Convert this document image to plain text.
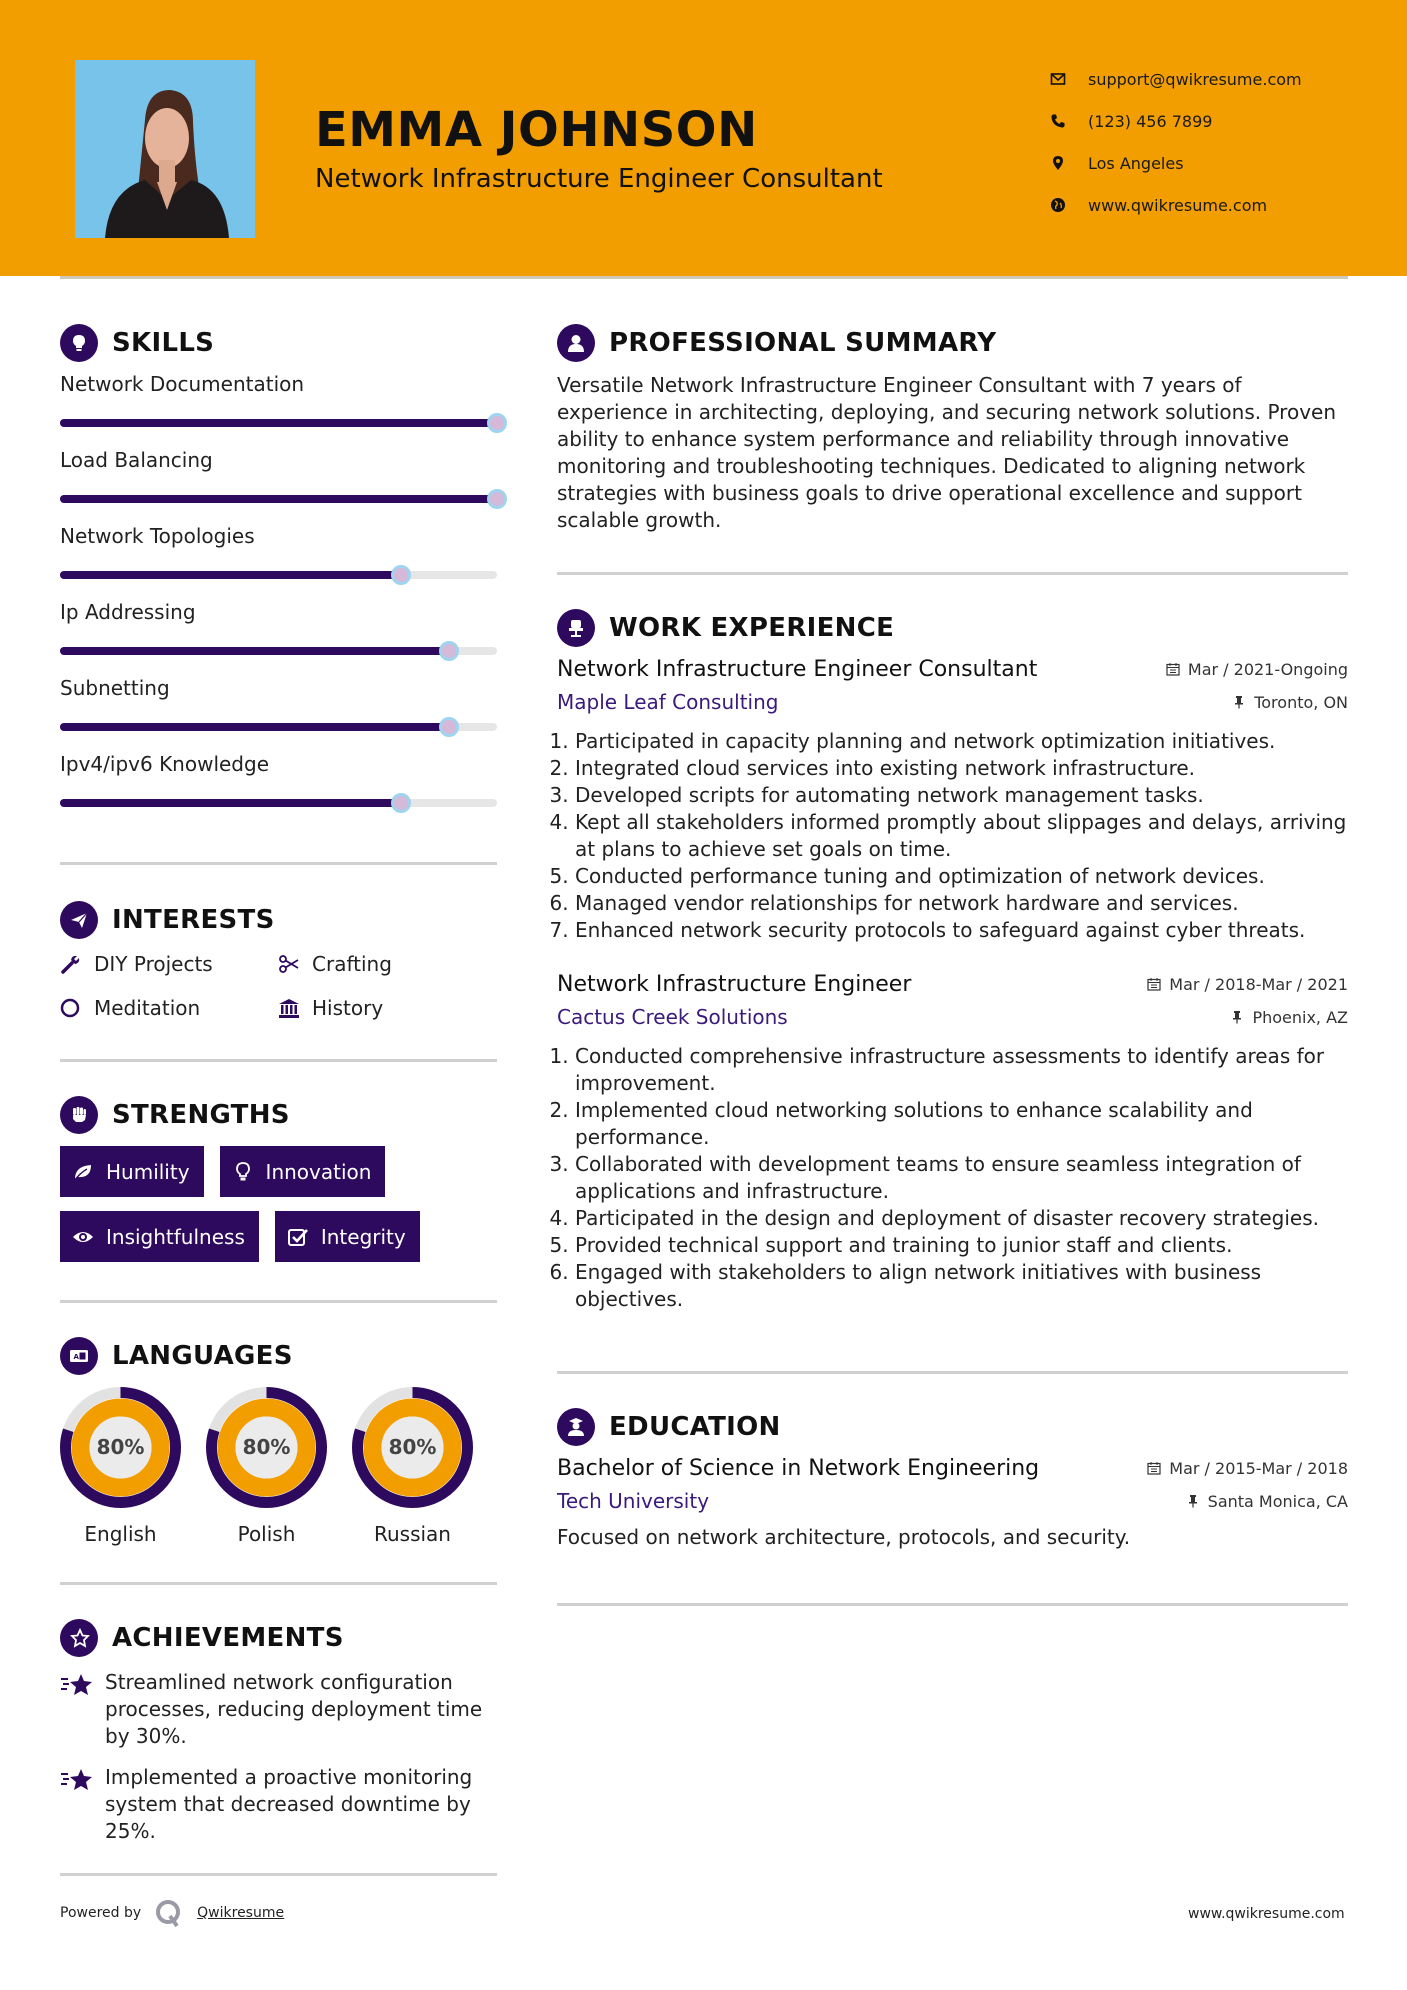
EMMA JOHNSON
Network Infrastructure Engineer Consultant
support@qwikresume.com
(123) 456 7899
Los Angeles
www.qwikresume.com
SKILLS
Network Documentation
Load Balancing
Network Topologies
Ip Addressing
Subnetting
Ipv4/ipv6 Knowledge
INTERESTS
DIY Projects	Crafting
Meditation	History
STRENGTHS
Humility	Innovation
Insightfulness	Integrity
A LANGUAGES
80%
English
80%
Polish
80%
Russian
ACHIEVEMENTS
Streamlined network configuration processes, reducing deployment time by 30%.
Implemented a proactive monitoring system that decreased downtime by 25%.
PROFESSIONAL SUMMARY

Versatile Network Infrastructure Engineer Consultant with 7 years of experience in architecting, deploying, and securing network solutions. Proven ability to enhance system performance and reliability through innovative monitoring and troubleshooting techniques. Dedicated to aligning network strategies with business goals to drive operational excellence and support scalable growth.

WORK EXPERIENCE
Network Infrastructure Engineer Consultant	Mar / 2021-Ongoing
Maple Leaf Consulting	Toronto, ON
1. Participated in capacity planning and network optimization initiatives.
2. Integrated cloud services into existing network infrastructure.
3. Developed scripts for automating network management tasks.
4. Kept all stakeholders informed promptly about slippages and delays, arriving at plans to achieve set goals on time.
5. Conducted performance tuning and optimization of network devices.
6. Managed vendor relationships for network hardware and services.
7. Enhanced network security protocols to safeguard against cyber threats.
Network Infrastructure Engineer	Mar / 2018-Mar / 2021
Cactus Creek Solutions	Phoenix, AZ
1. Conducted comprehensive infrastructure assessments to identify areas for improvement.
2. Implemented cloud networking solutions to enhance scalability and performance.
3. Collaborated with development teams to ensure seamless integration of applications and infrastructure.
4. Participated in the design and deployment of disaster recovery strategies.
5. Provided technical support and training to junior staff and clients.
6. Engaged with stakeholders to align network initiatives with business objectives.
EDUCATION
Bachelor of Science in Network Engineering	Mar / 2015-Mar / 2018
Tech University	Santa Monica, CA

Focused on network architecture, protocols, and security.

Powered by	Qwikresume	www.qwikresume.com
